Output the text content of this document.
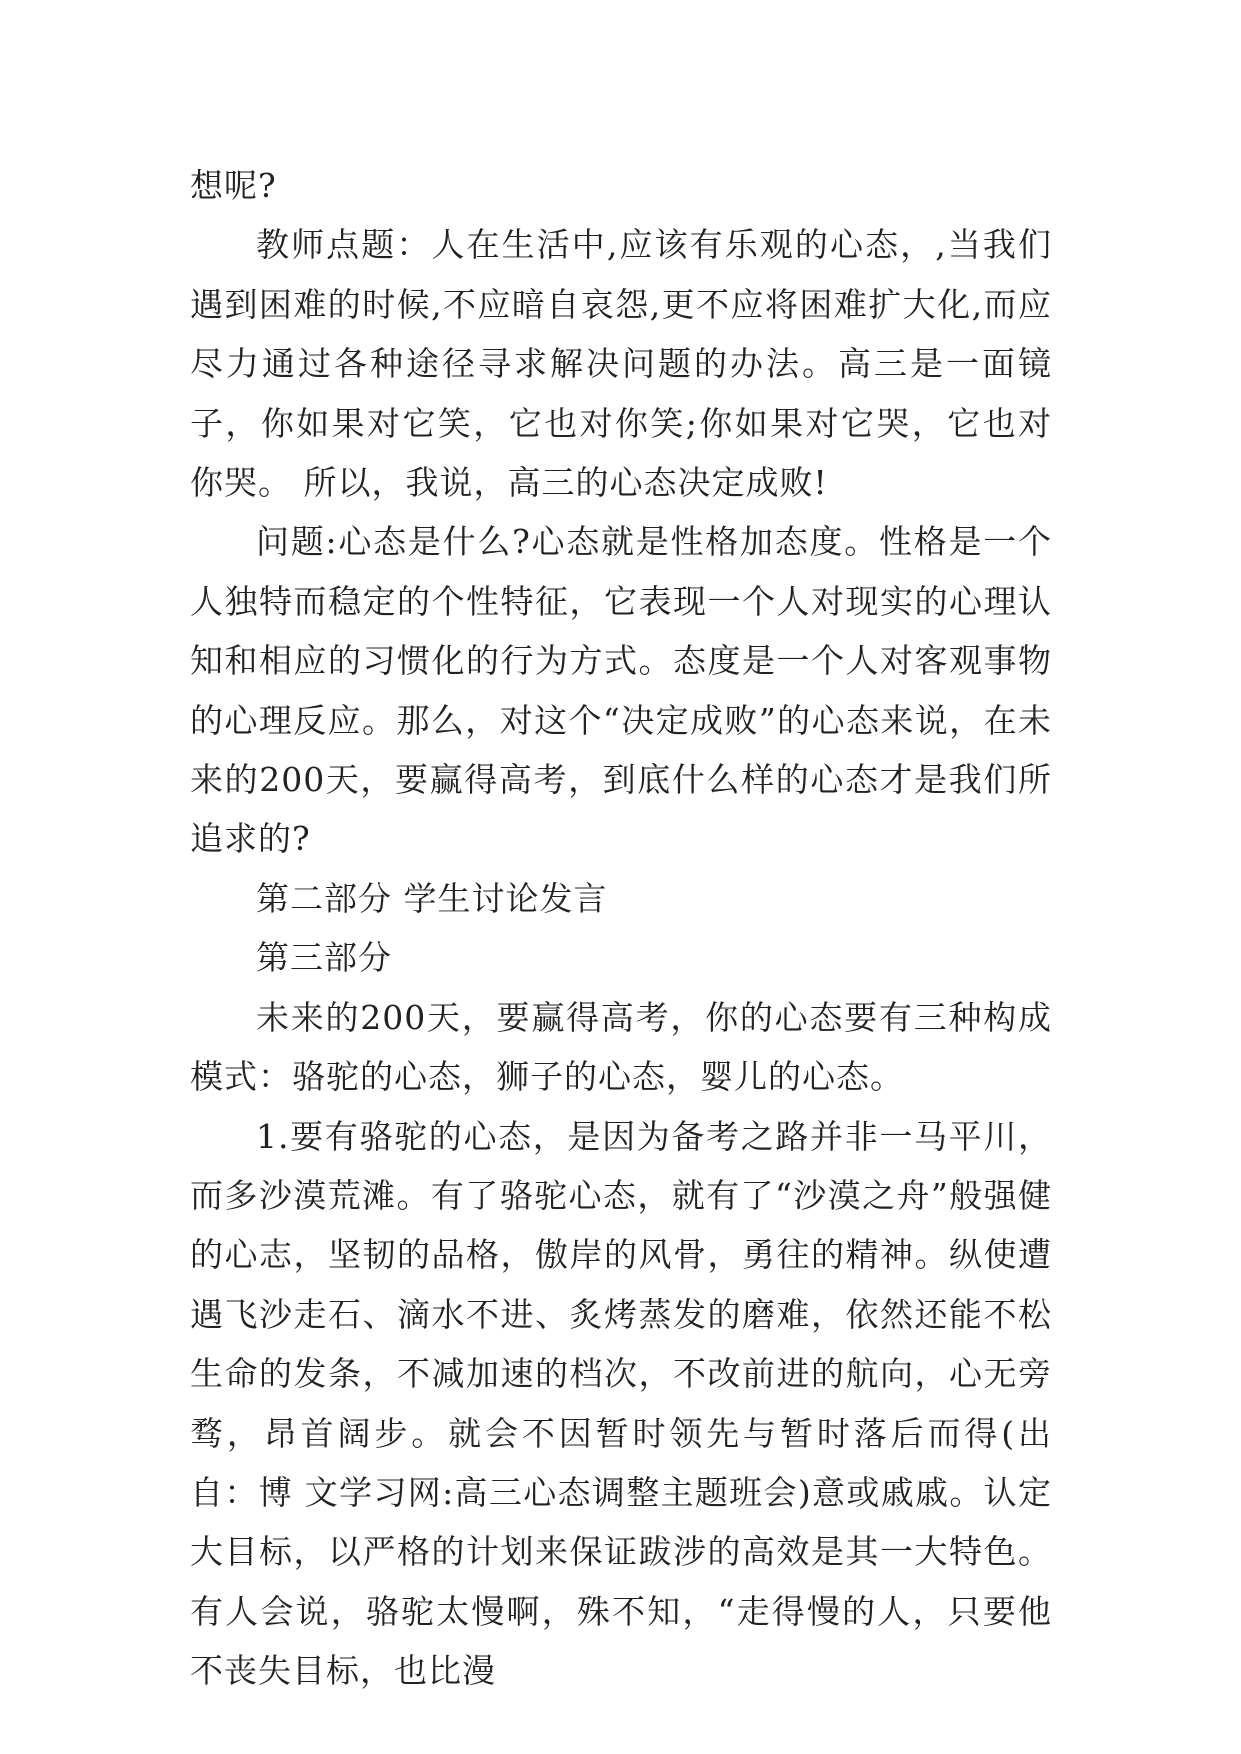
想呢?

教师点题：人在生活中,应该有乐观的心态，,当我们遇到困难的时候,不应暗自哀怨,更不应将困难扩大化,而应尽力通过各种途径寻求解决问题的办法。高三是一面镜子，你如果对它笑，它也对你笑;你如果对它哭，它也对你哭。 所以，我说，高三的心态决定成败!

问题:心态是什么?心态就是性格加态度。性格是一个人独特而稳定的个性特征，它表现一个人对现实的心理认知和相应的习惯化的行为方式。态度是一个人对客观事物的心理反应。那么，对这个“决定成败”的心态来说，在未来的200天，要赢得高考，到底什么样的心态才是我们所追求的?

第二部分 学生讨论发言

第三部分

未来的200天，要赢得高考，你的心态要有三种构成模式：骆驼的心态，狮子的心态，婴儿的心态。

1.要有骆驼的心态，是因为备考之路并非一马平川，而多沙漠荒滩。有了骆驼心态，就有了“沙漠之舟”般强健的心志，坚韧的品格，傲岸的风骨，勇往的精神。纵使遭遇飞沙走石、滴水不进、炙烤蒸发的磨难，依然还能不松生命的发条，不减加速的档次，不改前进的航向，心无旁骛，昂首阔步。就会不因暂时领先与暂时落后而得(出自：博 文学习网:高三心态调整主题班会)意或戚戚。认定大目标，以严格的计划来保证跋涉的高效是其一大特色。有人会说，骆驼太慢啊，殊不知，“走得慢的人，只要他不丧失目标，也比漫
